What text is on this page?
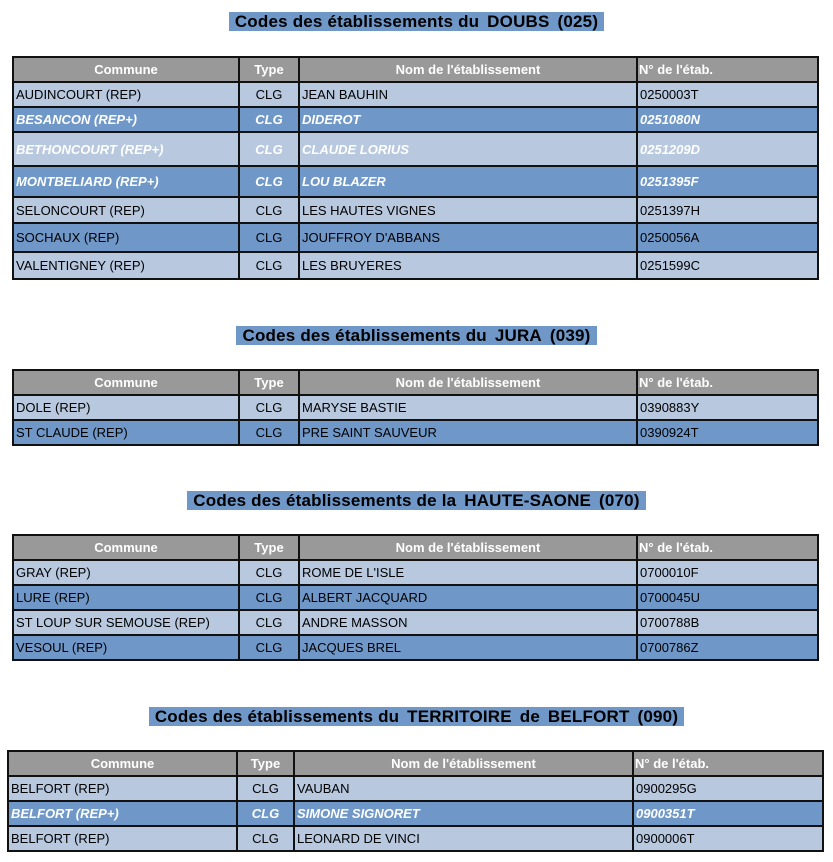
Codes des établissements du DOUBS (025)
Commune	Type	Nom de l'établissement	N° de l'étab.
AUDINCOURT (REP)	CLG	JEAN BAUHIN	0250003T
BESANCON (REP+)	CLG	DIDEROT	0251080N
BETHONCOURT (REP+)	CLG	CLAUDE LORIUS	0251209D
MONTBELIARD (REP+)	CLG	LOU BLAZER	0251395F
SELONCOURT (REP)	CLG	LES HAUTES VIGNES	0251397H
SOCHAUX (REP)	CLG	JOUFFROY D'ABBANS	0250056A
VALENTIGNEY (REP)	CLG	LES BRUYERES	0251599C
Codes des établissements du JURA (039)
Commune	Type	Nom de l'établissement	N° de l'étab.
DOLE (REP)	CLG	MARYSE BASTIE	0390883Y
ST CLAUDE (REP)	CLG	PRE SAINT SAUVEUR	0390924T
Codes des établissements de la HAUTE-SAONE (070)
Commune	Type	Nom de l'établissement	N° de l'étab.
GRAY (REP)	CLG	ROME DE L'ISLE	0700010F
LURE (REP)	CLG	ALBERT JACQUARD	0700045U
ST LOUP SUR SEMOUSE (REP)	CLG	ANDRE MASSON	0700788B
VESOUL (REP)	CLG	JACQUES BREL	0700786Z
Codes des établissements du TERRITOIRE de BELFORT (090)
Commune	Type	Nom de l'établissement	N° de l'étab.
BELFORT (REP)	CLG	VAUBAN	0900295G
BELFORT (REP+)	CLG	SIMONE SIGNORET	0900351T
BELFORT (REP)	CLG	LEONARD DE VINCI	0900006T
